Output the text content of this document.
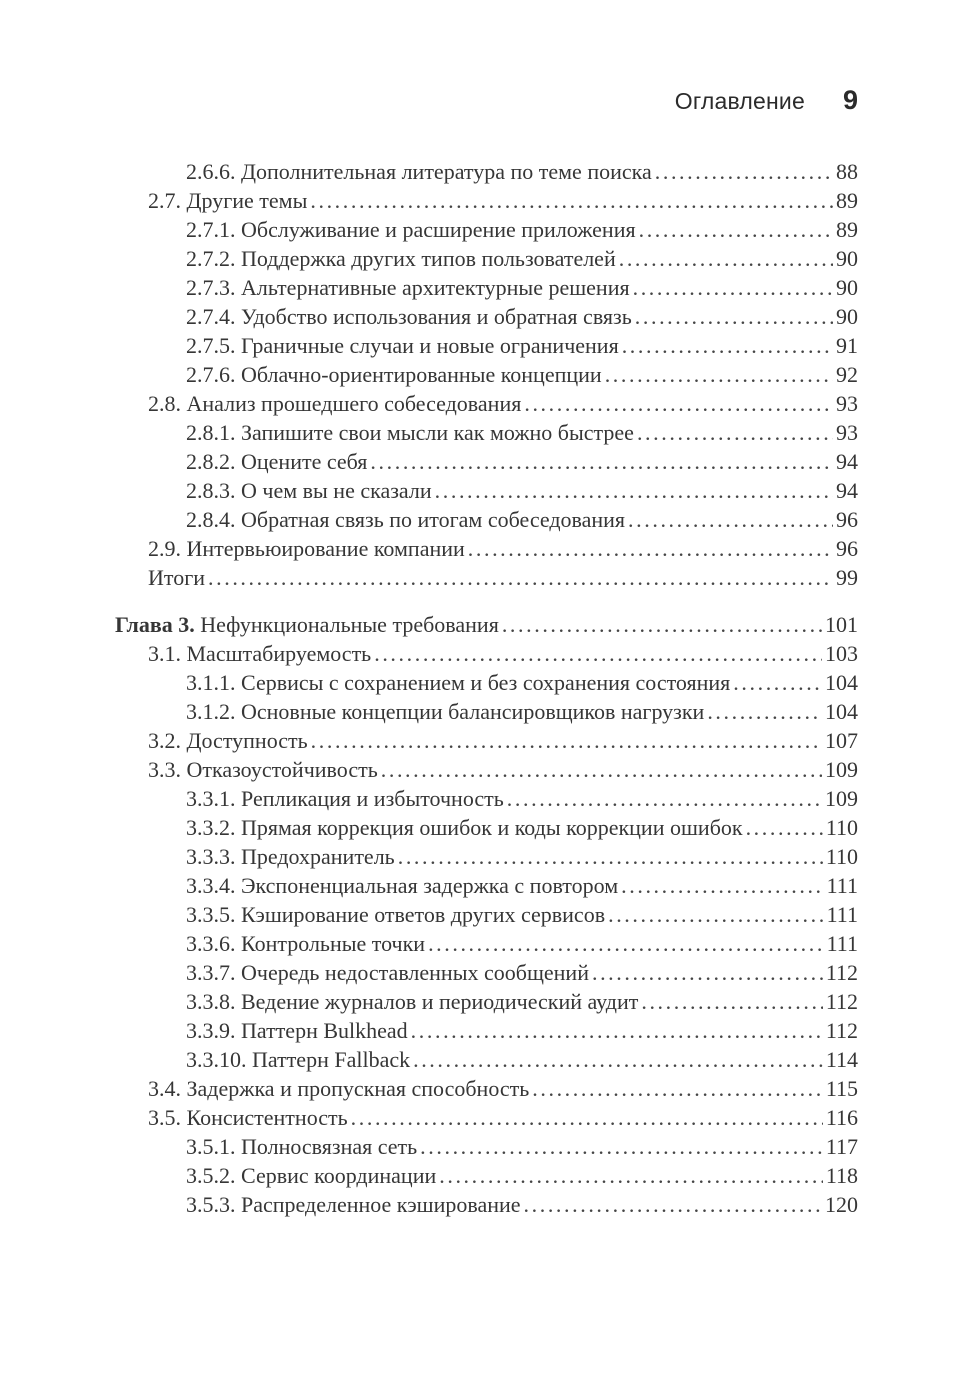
Оглавление 9
2.6.6. Дополнительная литература по теме поиска .....	88
2.7. Другие темы .....	89
2.7.1. Обслуживание и расширение приложения .....	89
2.7.2. Поддержка других типов пользователей .....	90
2.7.3. Альтернативные архитектурные решения .....	90
2.7.4. Удобство использования и обратная связь .....	90
2.7.5. Граничные случаи и новые ограничения .....	91
2.7.6. Облачно-ориентированные концепции .....	92
2.8. Анализ прошедшего собеседования .....	93
2.8.1. Запишите свои мысли как можно быстрее .....	93
2.8.2. Оцените себя .....	94
2.8.3. О чем вы не сказали .....	94
2.8.4. Обратная связь по итогам собеседования .....	96
2.9. Интервьюирование компании .....	96
Итоги .....	99
Глава 3. Нефункциональные требования .....	101
3.1. Масштабируемость .....	103
3.1.1. Сервисы с сохранением и без сохранения состояния .....	104
3.1.2. Основные концепции балансировщиков нагрузки .....	104
3.2. Доступность .....	107
3.3. Отказоустойчивость .....	109
3.3.1. Репликация и избыточность .....	109
3.3.2. Прямая коррекция ошибок и коды коррекции ошибок .....	110
3.3.3. Предохранитель .....	110
3.3.4. Экспоненциальная задержка с повтором .....	111
3.3.5. Кэширование ответов других сервисов .....	111
3.3.6. Контрольные точки .....	111
3.3.7. Очередь недоставленных сообщений .....	112
3.3.8. Ведение журналов и периодический аудит .....	112
3.3.9. Паттерн Bulkhead .....	112
3.3.10. Паттерн Fallback .....	114
3.4. Задержка и пропускная способность .....	115
3.5. Консистентность .....	116
3.5.1. Полносвязная сеть .....	117
3.5.2. Сервис координации .....	118
3.5.3. Распределенное кэширование .....	120
